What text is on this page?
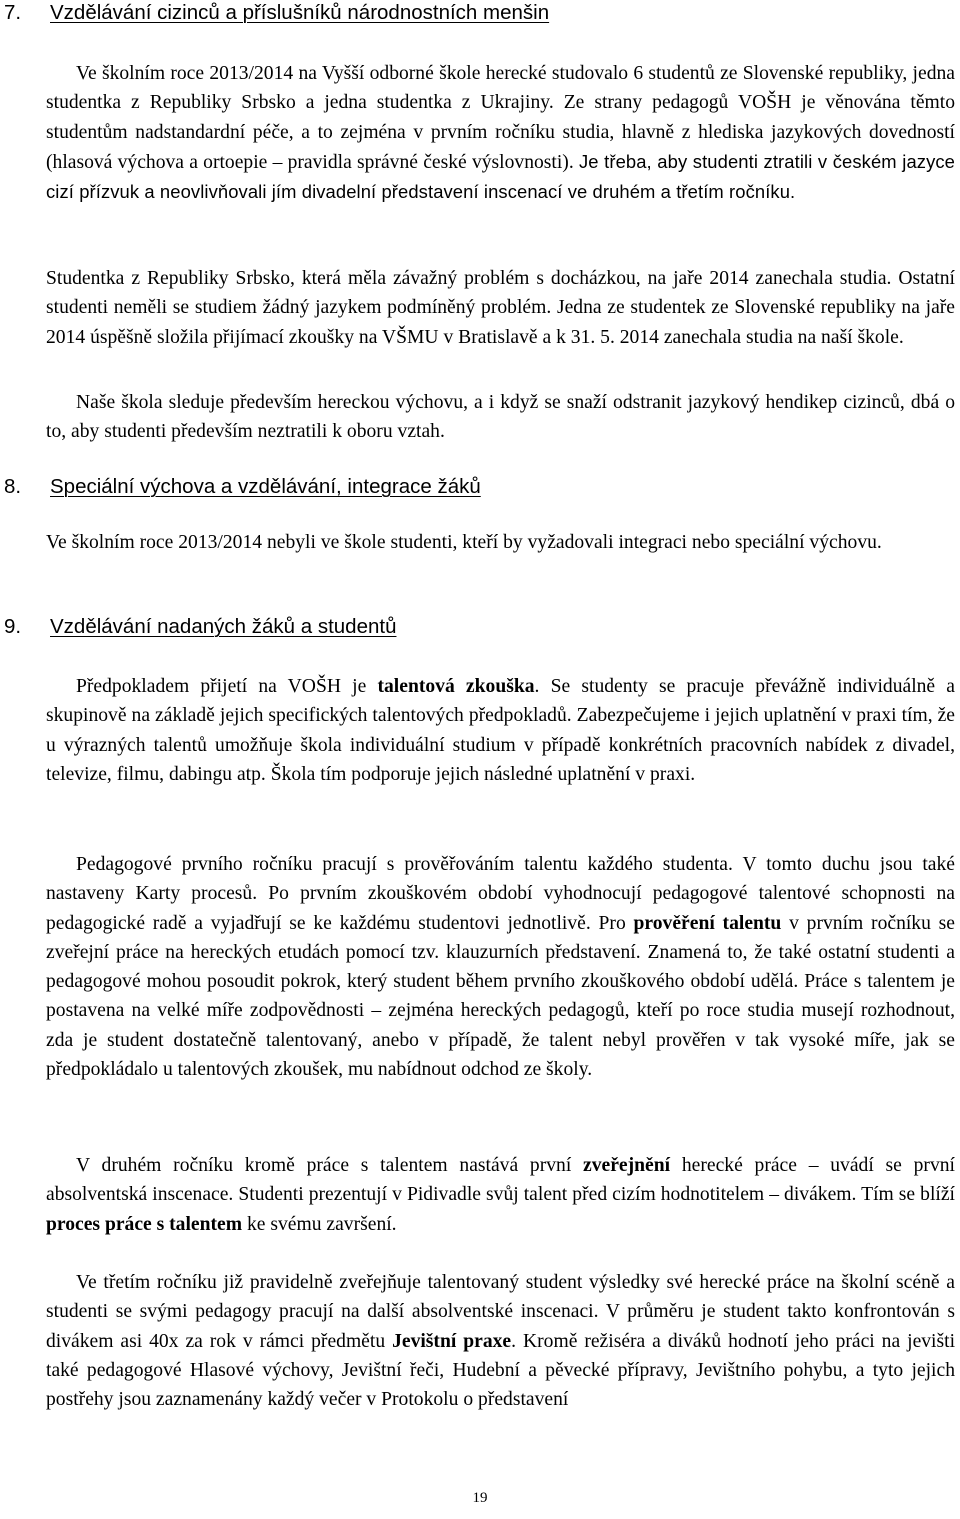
7. Vzdělávání cizinců a příslušníků národnostních menšin

Ve školním roce 2013/2014 na Vyšší odborné škole herecké studovalo 6 studentů ze Slovenské republiky, jedna studentka z Republiky Srbsko a jedna studentka z Ukrajiny. Ze strany pedagogů VOŠH je věnována těmto studentům nadstandardní péče, a to zejména v prvním ročníku studia, hlavně z hlediska jazykových dovedností (hlasová výchova a ortoepie – pravidla správné české výslovnosti). Je třeba, aby studenti ztratili v českém jazyce cizí přízvuk a neovlivňovali jím divadelní představení inscenací ve druhém a třetím ročníku.

Studentka z Republiky Srbsko, která měla závažný problém s docházkou, na jaře 2014 zanechala studia. Ostatní studenti neměli se studiem žádný jazykem podmíněný problém. Jedna ze studentek ze Slovenské republiky na jaře 2014 úspěšně složila přijímací zkoušky na VŠMU v Bratislavě a k 31. 5. 2014 zanechala studia na naší škole.

Naše škola sleduje především hereckou výchovu, a i když se snaží odstranit jazykový hendikep cizinců, dbá o to, aby studenti především neztratili k oboru vztah.

8. Speciální výchova a vzdělávání, integrace žáků

Ve školním roce 2013/2014 nebyli ve škole studenti, kteří by vyžadovali integraci nebo speciální výchovu.

9. Vzdělávání nadaných žáků a studentů

Předpokladem přijetí na VOŠH je talentová zkouška. Se studenty se pracuje převážně individuálně a skupinově na základě jejich specifických talentových předpokladů. Zabezpečujeme i jejich uplatnění v praxi tím, že u výrazných talentů umožňuje škola individuální studium v případě konkrétních pracovních nabídek z divadel, televize, filmu, dabingu atp. Škola tím podporuje jejich následné uplatnění v praxi.

Pedagogové prvního ročníku pracují s prověřováním talentu každého studenta. V tomto duchu jsou také nastaveny Karty procesů. Po prvním zkouškovém období vyhodnocují pedagogové talentové schopnosti na pedagogické radě a vyjadřují se ke každému studentovi jednotlivě. Pro prověření talentu v prvním ročníku se zveřejní práce na hereckých etudách pomocí tzv. klauzurních představení. Znamená to, že také ostatní studenti a pedagogové mohou posoudit pokrok, který student během prvního zkouškového období udělá. Práce s talentem je postavena na velké míře zodpovědnosti – zejména hereckých pedagogů, kteří po roce studia musejí rozhodnout, zda je student dostatečně talentovaný, anebo v případě, že talent nebyl prověřen v tak vysoké míře, jak se předpokládalo u talentových zkoušek, mu nabídnout odchod ze školy.

V druhém ročníku kromě práce s talentem nastává první zveřejnění herecké práce – uvádí se první absolventská inscenace. Studenti prezentují v Pidivadle svůj talent před cizím hodnotitelem – divákem. Tím se blíží proces práce s talentem ke svému završení.

Ve třetím ročníku již pravidelně zveřejňuje talentovaný student výsledky své herecké práce na školní scéně a studenti se svými pedagogy pracují na další absolventské inscenaci. V průměru je student takto konfrontován s divákem asi 40x za rok v rámci předmětu Jevištní praxe. Kromě režiséra a diváků hodnotí jeho práci na jevišti také pedagogové Hlasové výchovy, Jevištní řeči, Hudební a pěvecké přípravy, Jevištního pohybu, a tyto jejich postřehy jsou zaznamenány každý večer v Protokolu o představení

19
